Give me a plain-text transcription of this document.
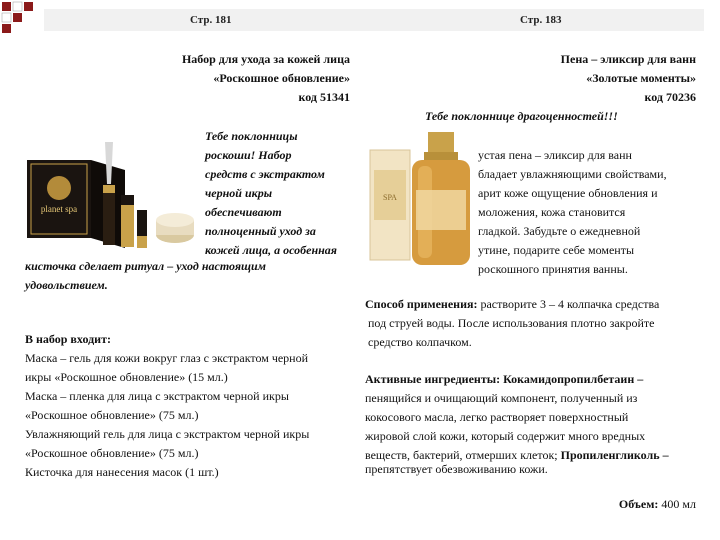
Стр. 181	Стр. 183
Набор для ухода за кожей лица
«Роскошное обновление»
код 51341
planet spa
Тебе поклонницы
роскоши! Набор
средств с экстрактом
черной икры
обеспечивают
полноценный уход за
кожей лица, а особенная
кисточка сделает ритуал – уход настоящим
удовольствием.
В набор входит:
Маска – гель для кожи вокруг глаз с экстрактом черной
икры «Роскошное обновление» (15 мл.)
Маска – пленка для лица с экстрактом черной икры
«Роскошное обновление» (75 мл.)
Увлажняющий гель для лица с экстрактом черной икры
«Роскошное обновление» (75 мл.)
Кисточка для нанесения масок (1 шт.)
Пена – эликсир для ванн
«Золотые моменты»
код 70236
Тебе поклоннице драгоценностей!!!
SPA
устая пена – эликсир для ванн
бладает увлажняющими свойствами,
арит коже ощущение обновления и
моложения, кожа становится
гладкой. Забудьте о ежедневной
утине, подарите себе моменты
роскошного принятия ванны.
Способ применения: растворите 3 – 4 колпачка средства
под струей воды. После использования плотно закройте
средство колпачком.
Активные ингредиенты: Кокамидопропилбетаин –
пенящийся и очищающий компонент, полученный из
кокосового масла, легко растворяет поверхностный
жировой слой кожи, который содержит много вредных
веществ, бактерий, отмерших клеток; Пропиленгликоль –
препятствует обезвоживанию кожи.
Объем: 400 мл
